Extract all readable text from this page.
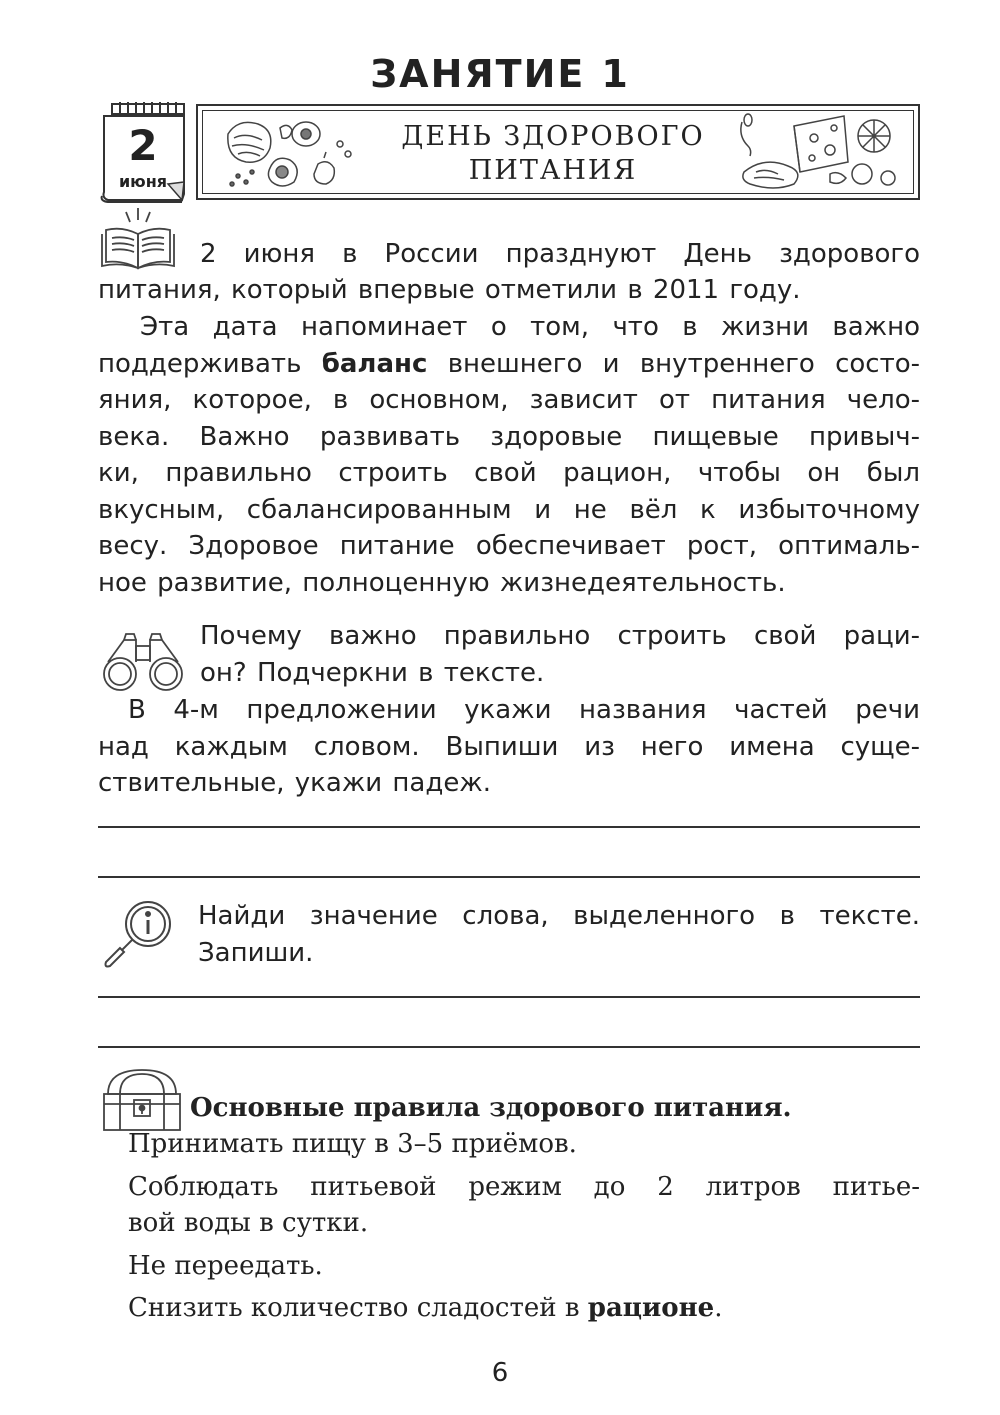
ЗАНЯТИЕ 1
2
июня
ДЕНЬ ЗДОРОВОГО
ПИТАНИЯ
2 июня в России празднуют День здорового
питания, который впервые отметили в 2011 году.
Эта дата напоминает о том, что в жизни важно
поддерживать баланс внешнего и внутреннего состо-
яния, которое, в основном, зависит от питания чело-
века. Важно развивать здоровые пищевые привыч-
ки, правильно строить свой рацион, чтобы он был
вкусным, сбалансированным и не вёл к избыточному
весу. Здоровое питание обеспечивает рост, оптималь-
ное развитие, полноценную жизнедеятельность.
Почему важно правильно строить свой раци-
он? Подчеркни в тексте.
В 4-м предложении укажи названия частей речи
над каждым словом. Выпиши из него имена суще-
ствительные, укажи падеж.
Найди значение слова, выделенного в тексте.
Запиши.
Основные правила здорового питания.
Принимать пищу в 3–5 приёмов.
Соблюдать питьевой режим до 2 литров питье-
вой воды в сутки.
Не переедать.
Снизить количество сладостей в рационе.
6
